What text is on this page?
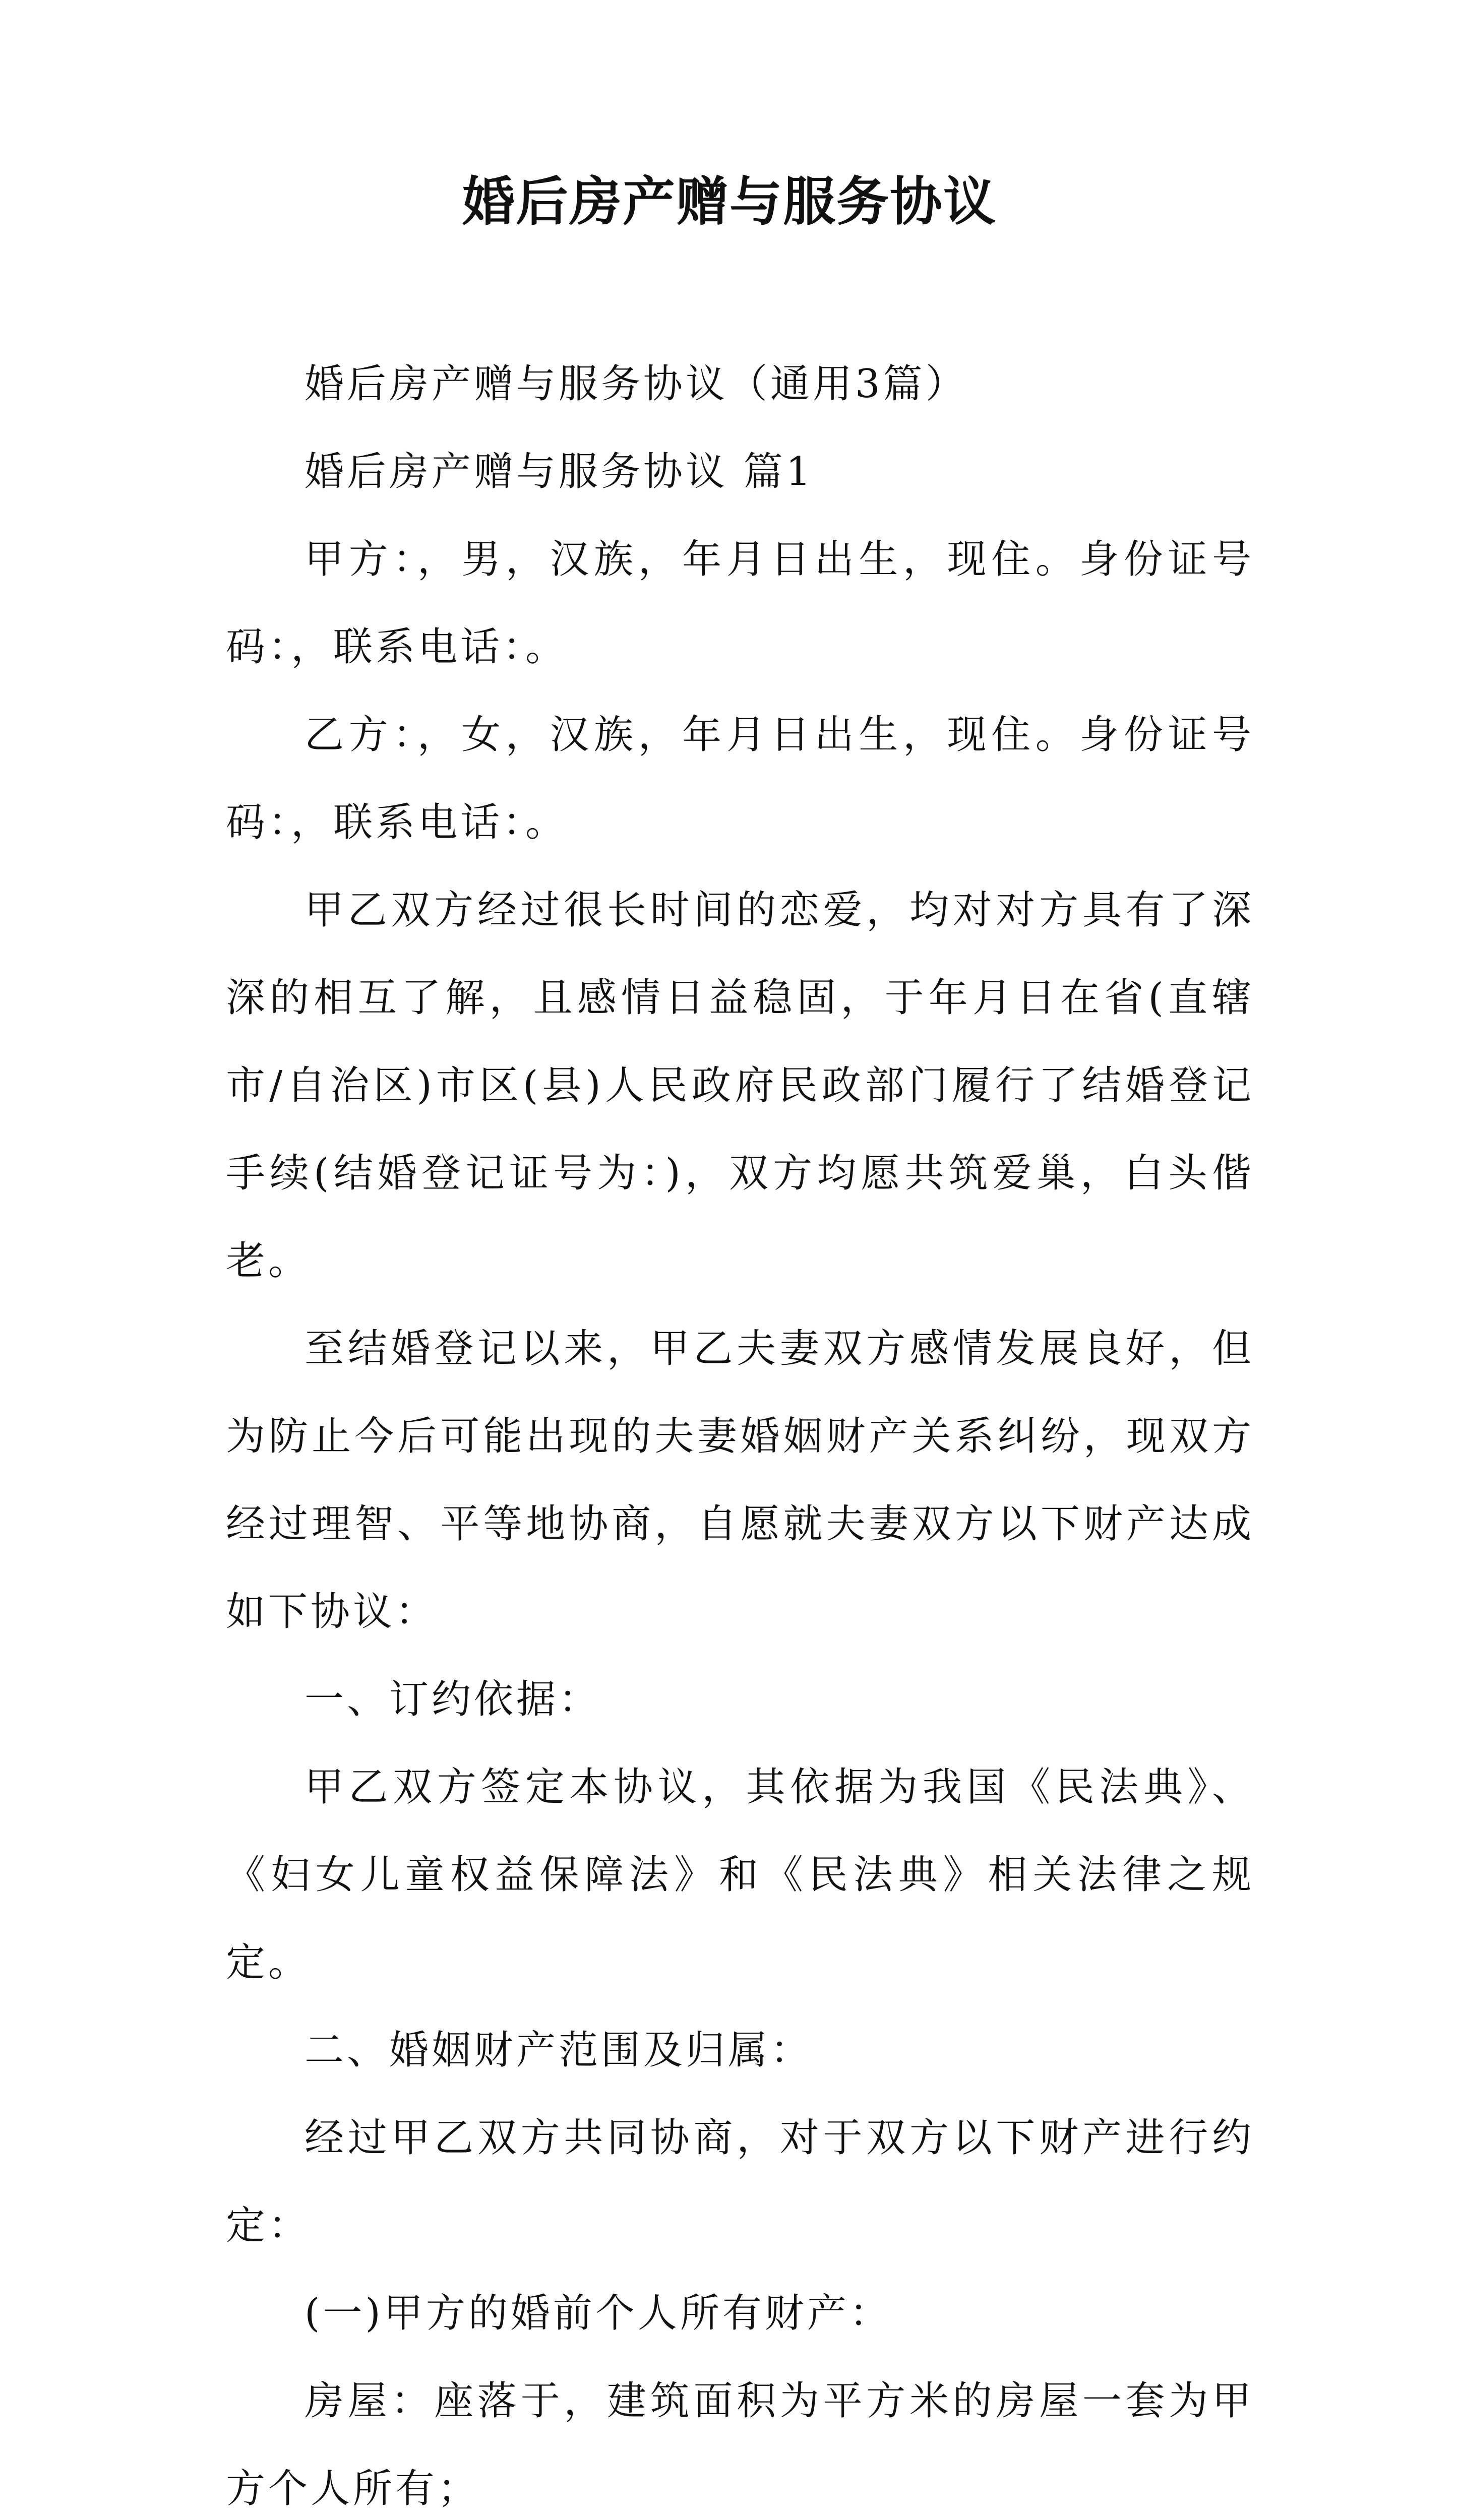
婚后房产赠与服务协议

婚后房产赠与服务协议（通用3篇）

婚后房产赠与服务协议 篇1

甲方：，男，汉族，年月日出生，现住。身份证号码：，联系电话：。

乙方：，女，汉族，年月日出生，现住。身份证号码：，联系电话：。

甲乙双方经过很长时间的恋爱，均对对方具有了深深的相互了解，且感情日益稳固，于年月日在省(直辖市/自治区)市区(县)人民政府民政部门履行了结婚登记手续(结婚登记证号为：)，双方均愿共筑爱巢，白头偕老。

至结婚登记以来，甲乙夫妻双方感情发展良好，但为防止今后可能出现的夫妻婚姻财产关系纠纷，现双方经过理智、平等地协商，自愿就夫妻双方以下财产达成如下协议：

一、订约依据：

甲乙双方签定本协议，其依据为我国《民法典》、《妇女儿童权益保障法》和《民法典》相关法律之规定。

二、婚姻财产范围及归属：

经过甲乙双方共同协商，对于双方以下财产进行约定：

(一)甲方的婚前个人所有财产：

房屋：座落于，建筑面积为平方米的房屋一套为甲方个人所有；
